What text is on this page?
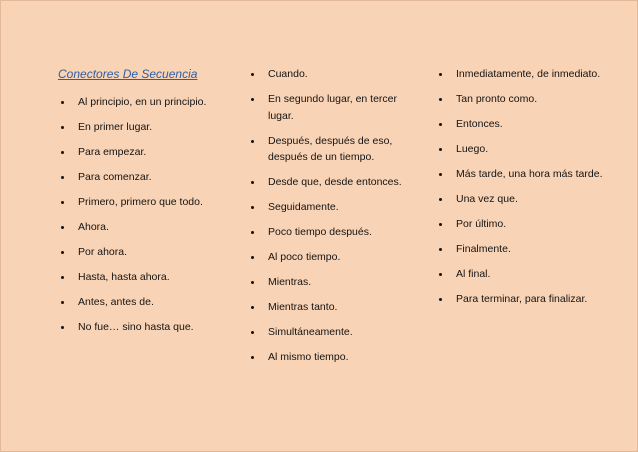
Conectores De Secuencia
Al principio, en un principio.
En primer lugar.
Para empezar.
Para comenzar.
Primero, primero que todo.
Ahora.
Por ahora.
Hasta, hasta ahora.
Antes, antes de.
No fue… sino hasta que.
Cuando.
En segundo lugar, en tercer lugar.
Después, después de eso, después de un tiempo.
Desde que, desde entonces.
Seguidamente.
Poco tiempo después.
Al poco tiempo.
Mientras.
Mientras tanto.
Simultáneamente.
Al mismo tiempo.
Inmediatamente, de inmediato.
Tan pronto como.
Entonces.
Luego.
Más tarde, una hora más tarde.
Una vez que.
Por último.
Finalmente.
Al final.
Para terminar, para finalizar.
